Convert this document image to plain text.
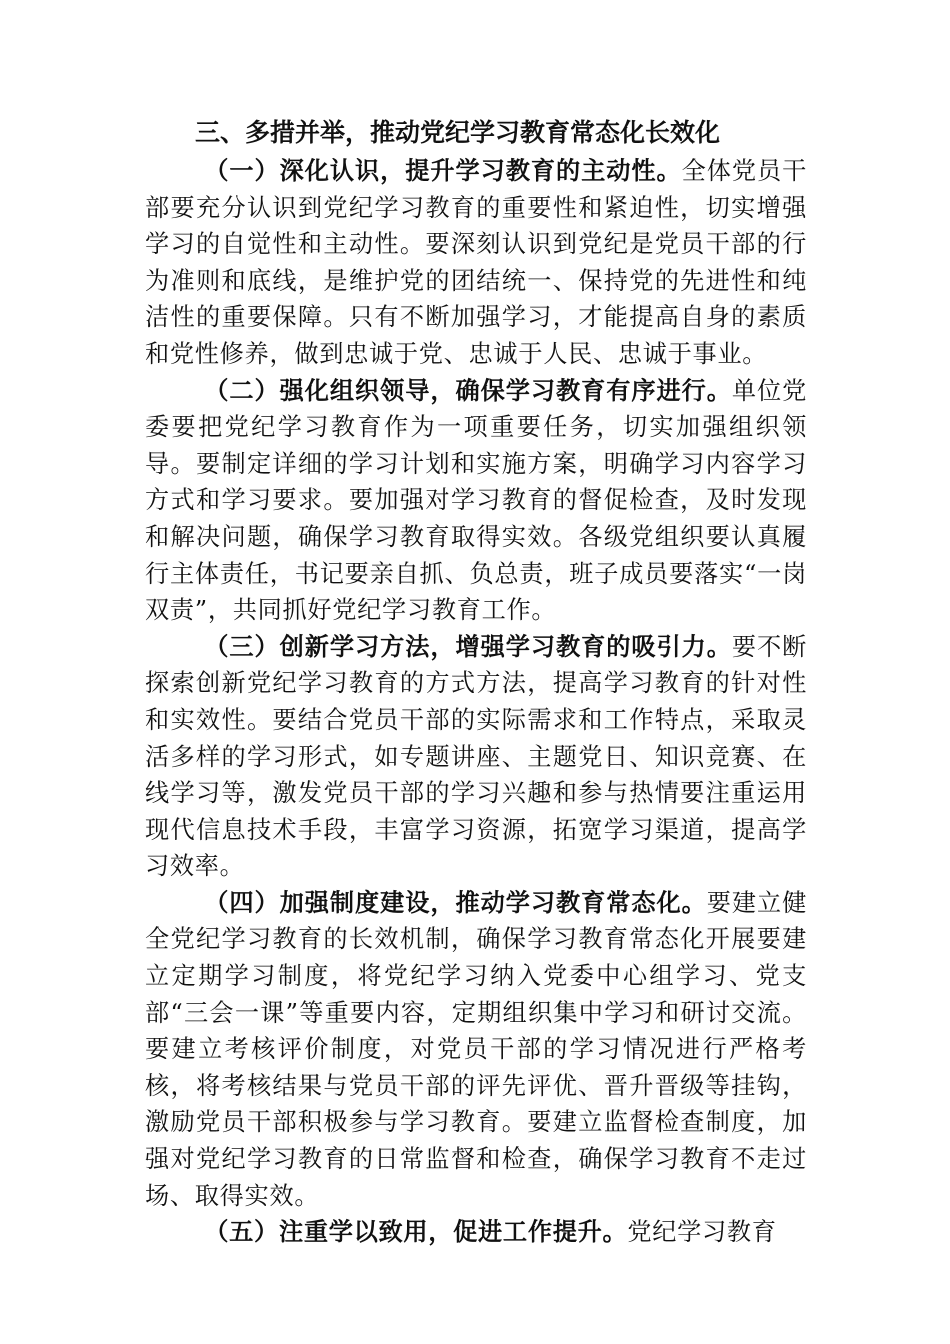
三、多措并举，推动党纪学习教育常态化长效化

（一）深化认识，提升学习教育的主动性。全体党员干部要充分认识到党纪学习教育的重要性和紧迫性，切实增强学习的自觉性和主动性。要深刻认识到党纪是党员干部的行为准则和底线，是维护党的团结统一、保持党的先进性和纯洁性的重要保障。只有不断加强学习，才能提高自身的素质和党性修养，做到忠诚于党、忠诚于人民、忠诚于事业。

（二）强化组织领导，确保学习教育有序进行。单位党委要把党纪学习教育作为一项重要任务，切实加强组织领导。要制定详细的学习计划和实施方案，明确学习内容学习方式和学习要求。要加强对学习教育的督促检查，及时发现和解决问题，确保学习教育取得实效。各级党组织要认真履行主体责任，书记要亲自抓、负总责，班子成员要落实“一岗双责”，共同抓好党纪学习教育工作。

（三）创新学习方法，增强学习教育的吸引力。要不断探索创新党纪学习教育的方式方法，提高学习教育的针对性和实效性。要结合党员干部的实际需求和工作特点，采取灵活多样的学习形式，如专题讲座、主题党日、知识竞赛、在线学习等，激发党员干部的学习兴趣和参与热情要注重运用现代信息技术手段，丰富学习资源，拓宽学习渠道，提高学习效率。

（四）加强制度建设，推动学习教育常态化。要建立健全党纪学习教育的长效机制，确保学习教育常态化开展要建立定期学习制度，将党纪学习纳入党委中心组学习、党支部“三会一课”等重要内容，定期组织集中学习和研讨交流。要建立考核评价制度，对党员干部的学习情况进行严格考核，将考核结果与党员干部的评先评优、晋升晋级等挂钩，激励党员干部积极参与学习教育。要建立监督检查制度，加强对党纪学习教育的日常监督和检查，确保学习教育不走过场、取得实效。

（五）注重学以致用，促进工作提升。党纪学习教育
